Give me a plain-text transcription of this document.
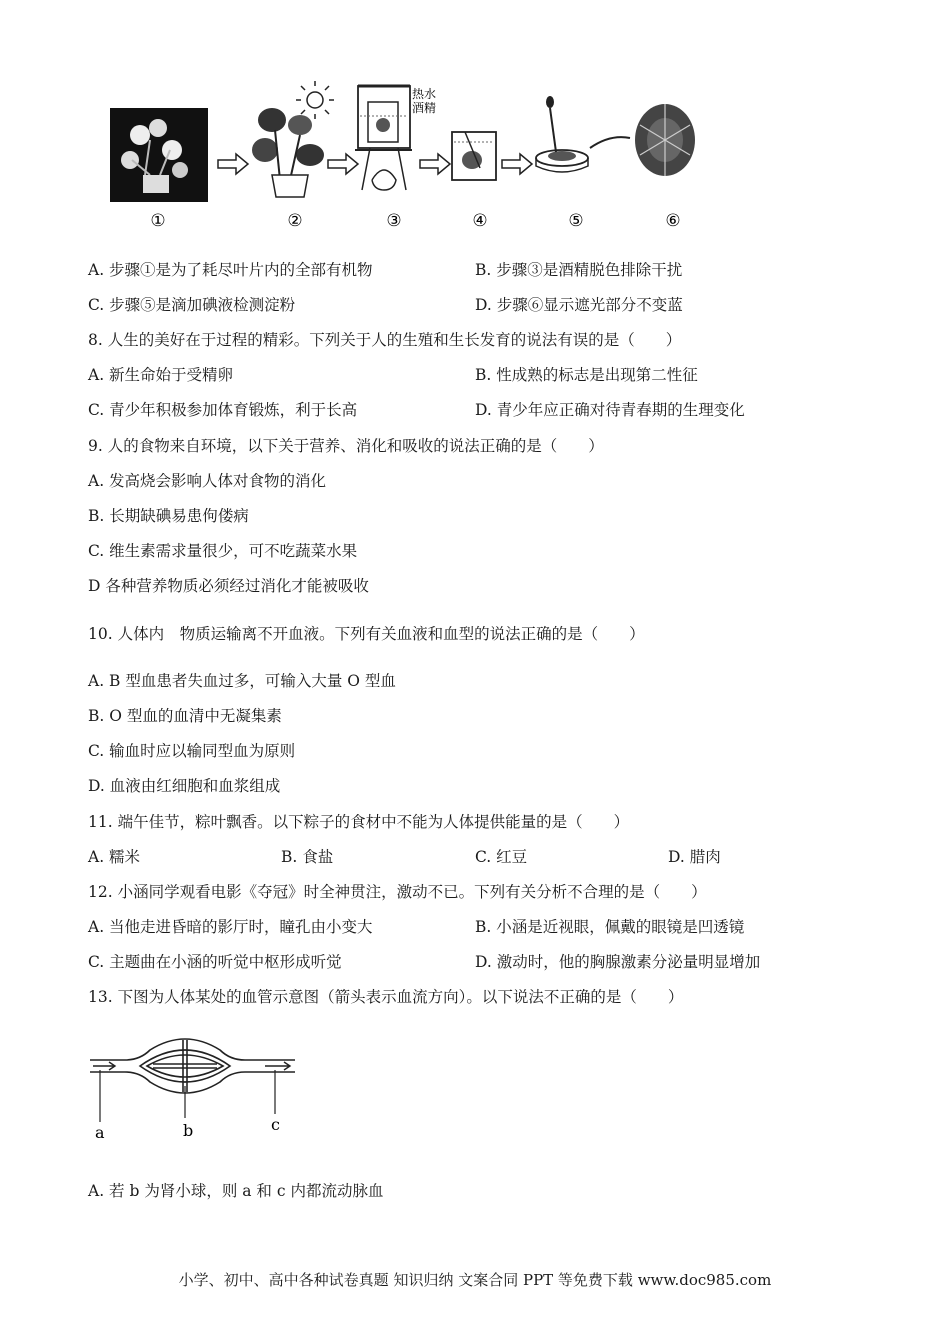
热水
酒精
①	②	③	④	⑤	⑥
A. 步骤①是为了耗尽叶片内的全部有机物	B. 步骤③是酒精脱色排除干扰
C. 步骤⑤是滴加碘液检测淀粉	D. 步骤⑥显示遮光部分不变蓝
8. 人生的美好在于过程的精彩。下列关于人的生殖和生长发育的说法有误的是（　　）
A. 新生命始于受精卵	B. 性成熟的标志是出现第二性征
C. 青少年积极参加体育锻炼，利于长高	D. 青少年应正确对待青春期的生理变化
9. 人的食物来自环境，以下关于营养、消化和吸收的说法正确的是（　　）
A. 发高烧会影响人体对食物的消化
B. 长期缺碘易患佝偻病
C. 维生素需求量很少，可不吃蔬菜水果
D 各种营养物质必须经过消化才能被吸收
10. 人体内　物质运输离不开血液。下列有关血液和血型的说法正确的是（　　）
A. B 型血患者失血过多，可输入大量 O 型血
B. O 型血的血清中无凝集素
C. 输血时应以输同型血为原则
D. 血液由红细胞和血浆组成
11. 端午佳节，粽叶飘香。以下粽子的食材中不能为人体提供能量的是（　　）
A. 糯米	B. 食盐	C. 红豆	D. 腊肉
12. 小涵同学观看电影《夺冠》时全神贯注，激动不已。下列有关分析不合理的是（　　）
A. 当他走进昏暗的影厅时，瞳孔由小变大	B. 小涵是近视眼，佩戴的眼镜是凹透镜
C. 主题曲在小涵的听觉中枢形成听觉	D. 激动时，他的胸腺激素分泌量明显增加
13. 下图为人体某处的血管示意图（箭头表示血流方向）。以下说法不正确的是（　　）
a	b	c
A. 若 b 为肾小球，则 a 和 c 内都流动脉血
小学、初中、高中各种试卷真题 知识归纳 文案合同 PPT 等免费下载 www.doc985.com
